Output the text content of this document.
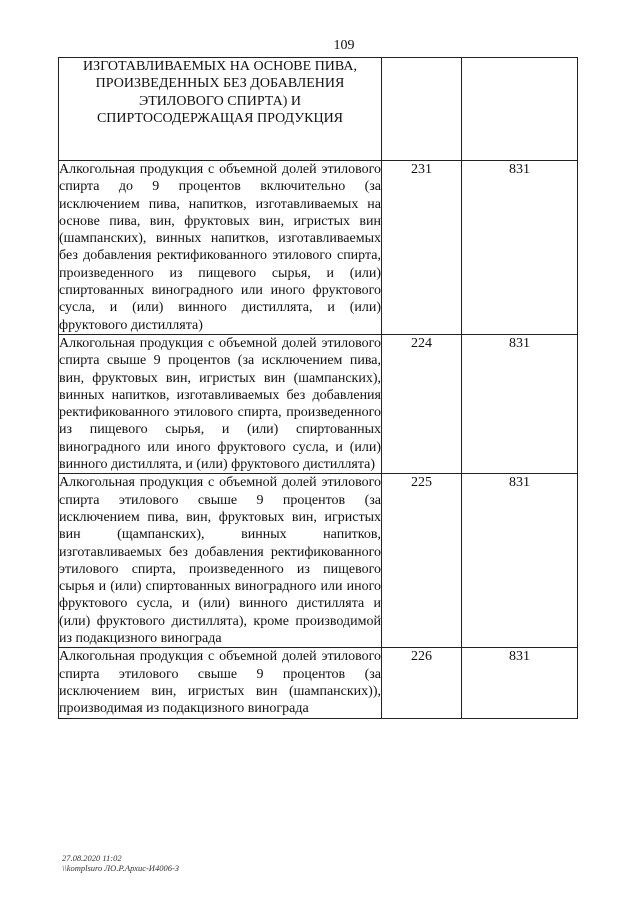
109
ИЗГОТАВЛИВАЕМЫХ НА ОСНОВЕ ПИВА, ПРОИЗВЕДЕННЫХ БЕЗ ДОБАВЛЕНИЯ ЭТИЛОВОГО СПИРТА) И СПИРТОСОДЕРЖАЩАЯ ПРОДУКЦИЯ		
Алкогольная продукция с объемной долей этилового спирта до 9 процентов включительно (за исключением пива, напитков, изготавливаемых на основе пива, вин, фруктовых вин, игристых вин (шампанских), винных напитков, изготавливаемых без добавления ректификованного этилового спирта, произведенного из пищевого сырья, и (или) спиртованных виноградного или иного фруктового сусла, и (или) винного дистиллята, и (или) фруктового дистиллята)	231	831
Алкогольная продукция с объемной долей этилового спирта свыше 9 процентов (за исключением пива, вин, фруктовых вин, игристых вин (шампанских), винных напитков, изготавливаемых без добавления ректификованного этилового спирта, произведенного из пищевого сырья, и (или) спиртованных виноградного или иного фруктового сусла, и (или) винного дистиллята, и (или) фруктового дистиллята)	224	831
Алкогольная продукция с объемной долей этилового спирта этилового свыше 9 процентов (за исключением пива, вин, фруктовых вин, игристых вин (щампанских), винных напитков, изготавливаемых без добавления ректификованного этилового спирта, произведенного из пищевого сырья и (или) спиртованных виноградного или иного фруктового сусла, и (или) винного дистиллята и (или) фруктового дистиллята), кроме производимой из подакцизного винограда	225	831
Алкогольная продукция с объемной долей этилового спирта этилового свыше 9 процентов (за исключением вин, игристых вин (шампанских)), производимая из подакцизного винограда	226	831
27.08.2020 11:02
\\komplsuro ЛО.Р.Архис-И4006-3
